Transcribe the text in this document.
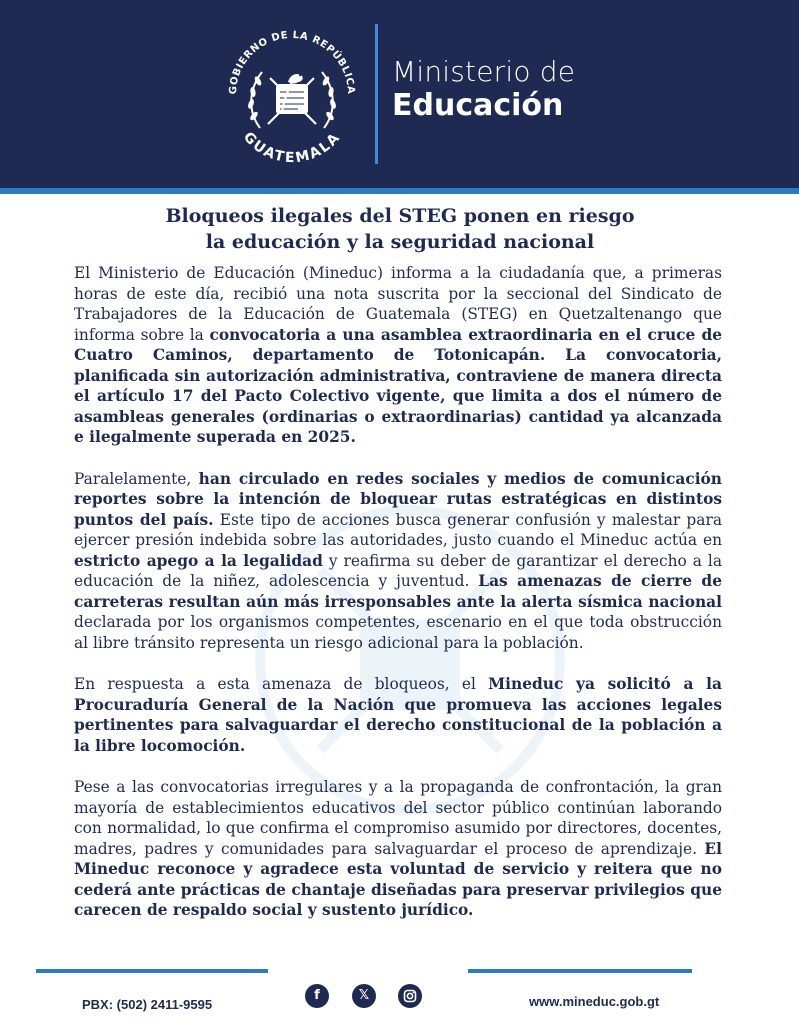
GOBIERNO DE LA REPÚBLICA
GUATEMALA
Ministerio de
Educación
Bloqueos ilegales del STEG ponen en riesgo
la educación y la seguridad nacional

El Ministerio de Educación (Mineduc) informa a la ciudadanía que, a primeras horas de este día, recibió una nota suscrita por la seccional del Sindicato de Trabajadores de la Educación de Guatemala (STEG) en Quetzaltenango que informa sobre la convocatoria a una asamblea extraordinaria en el cruce de Cuatro Caminos, departamento de Totonicapán. La convocatoria, planificada sin autorización administrativa, contraviene de manera directa el artículo 17 del Pacto Colectivo vigente, que limita a dos el número de asambleas generales (ordinarias o extraordinarias) cantidad ya alcanzada e ilegalmente superada en 2025.

Paralelamente, han circulado en redes sociales y medios de comunicación reportes sobre la intención de bloquear rutas estratégicas en distintos puntos del país. Este tipo de acciones busca generar confusión y malestar para ejercer presión indebida sobre las autoridades, justo cuando el Mineduc actúa en estricto apego a la legalidad y reafirma su deber de garantizar el derecho a la educación de la niñez, adolescencia y juventud. Las amenazas de cierre de carreteras resultan aún más irresponsables ante la alerta sísmica nacional declarada por los organismos competentes, escenario en el que toda obstrucción al libre tránsito representa un riesgo adicional para la población.

En respuesta a esta amenaza de bloqueos, el Mineduc ya solicitó a la Procuraduría General de la Nación que promueva las acciones legales pertinentes para salvaguardar el derecho constitucional de la población a la libre locomoción.

Pese a las convocatorias irregulares y a la propaganda de confrontación, la gran mayoría de establecimientos educativos del sector público continúan laborando con normalidad, lo que confirma el compromiso asumido por directores, docentes, madres, padres y comunidades para salvaguardar el proceso de aprendizaje. El Mineduc reconoce y agradece esta voluntad de servicio y reitera que no cederá ante prácticas de chantaje diseñadas para preservar privilegios que carecen de respaldo social y sustento jurídico.

PBX: (502) 2411-9595
f	𝕏	www.mineduc.gob.gt
